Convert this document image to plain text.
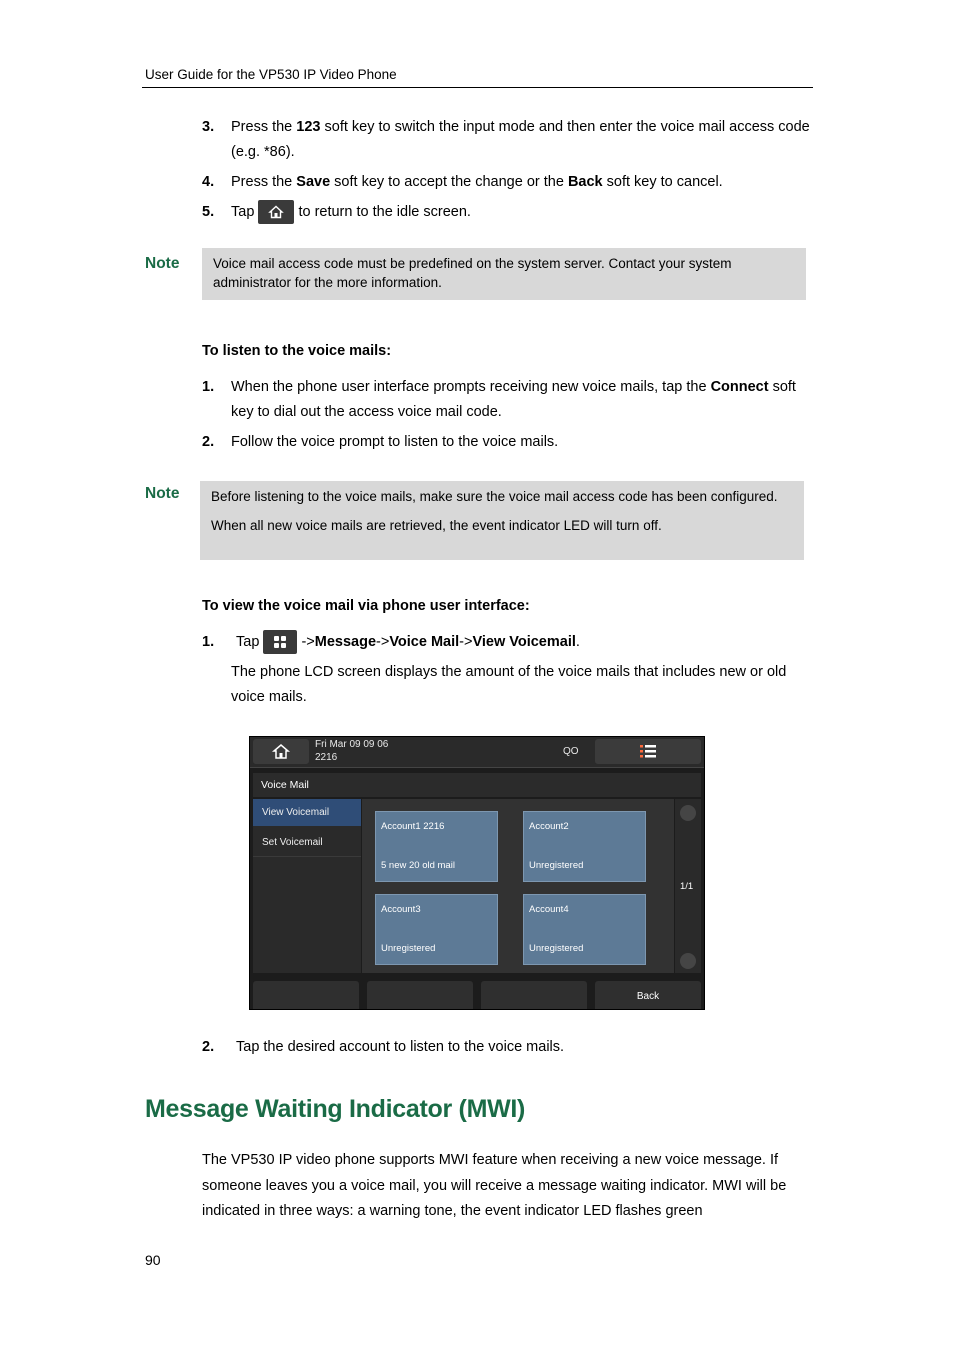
User Guide for the VP530 IP Video Phone
3. Press the 123 soft key to switch the input mode and then enter the voice mail access code (e.g. *86).
4. Press the Save soft key to accept the change or the Back soft key to cancel.
5. Tap  to return to the idle screen.
Note Voice mail access code must be predefined on the system server. Contact your system administrator for the more information.
To listen to the voice mails:
1. When the phone user interface prompts receiving new voice mails, tap the Connect soft key to dial out the access voice mail code.
2. Follow the voice prompt to listen to the voice mails.
Note Before listening to the voice mails, make sure the voice mail access code has been configured.
When all new voice mails are retrieved, the event indicator LED will turn off.
To view the voice mail via phone user interface:
1. Tap  ->Message->Voice Mail->View Voicemail.
The phone LCD screen displays the amount of the voice mails that includes new or old voice mails.
Fri Mar 09 09 06
2216
QO
Voice Mail
View Voicemail
Set Voicemail
Account1 2216
5 new 20 old mail
Account2
Unregistered
Account3
Unregistered
Account4
Unregistered
1/1
Back
2. Tap the desired account to listen to the voice mails.
Message Waiting Indicator (MWI)
The VP530 IP video phone supports MWI feature when receiving a new voice message. If someone leaves you a voice mail, you will receive a message waiting indicator. MWI will be indicated in three ways: a warning tone, the event indicator LED flashes green
90
